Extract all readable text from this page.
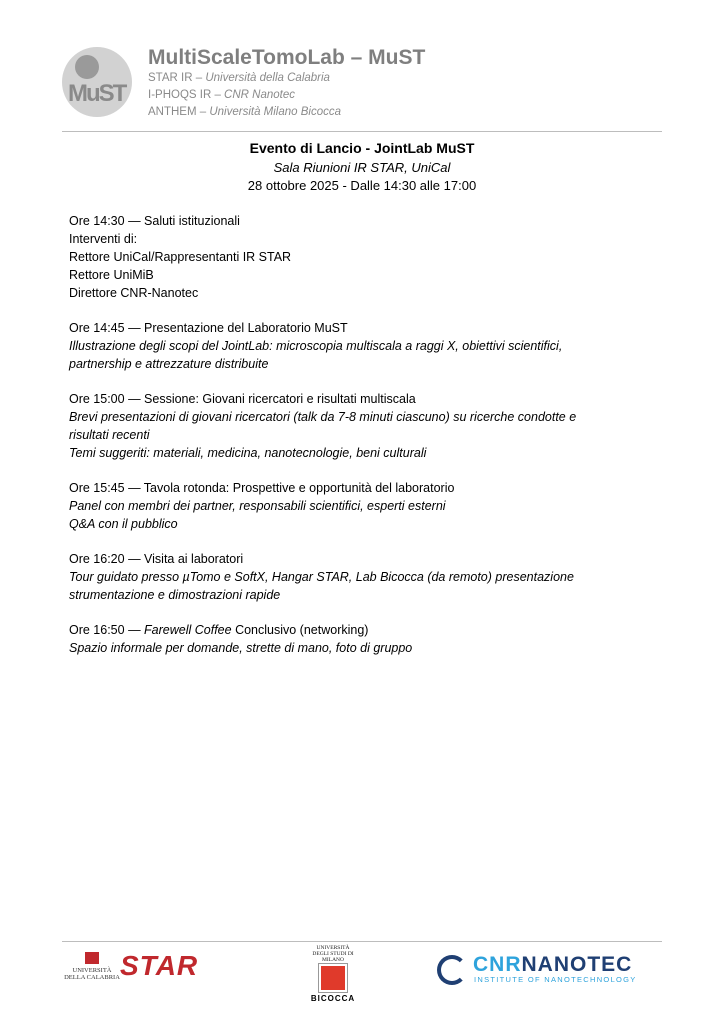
MuST
MultiScaleTomoLab – MuST
STAR IR – Università della Calabria
I-PHOQS IR – CNR Nanotec
ANTHEM – Università Milano Bicocca
Evento di Lancio - JointLab MuST
Sala Riunioni IR STAR, UniCal
28 ottobre 2025 - Dalle 14:30 alle 17:00
Ore 14:30 — Saluti istituzionali
Interventi di:
Rettore UniCal/Rappresentanti IR STAR
Rettore UniMiB
Direttore CNR-Nanotec
Ore 14:45 — Presentazione del Laboratorio MuST
Illustrazione degli scopi del JointLab: microscopia multiscala a raggi X, obiettivi scientifici,
partnership e attrezzature distribuite
Ore 15:00 — Sessione: Giovani ricercatori e risultati multiscala
Brevi presentazioni di giovani ricercatori (talk da 7-8 minuti ciascuno) su ricerche condotte e
risultati recenti
Temi suggeriti: materiali, medicina, nanotecnologie, beni culturali
Ore 15:45 — Tavola rotonda: Prospettive e opportunità del laboratorio
Panel con membri dei partner, responsabili scientifici, esperti esterni
Q&A con il pubblico
Ore 16:20 — Visita ai laboratori
Tour guidato presso µTomo e SoftX, Hangar STAR, Lab Bicocca (da remoto) presentazione
strumentazione e dimostrazioni rapide
Ore 16:50 — Farewell Coffee Conclusivo (networking)
Spazio informale per domande, strette di mano, foto di gruppo
UNIVERSITÀ DELLA CALABRIA STAR
UNIVERSITÀ DEGLI STUDI DI MILANO
BICOCCA
CNRNANOTEC
INSTITUTE OF NANOTECHNOLOGY
